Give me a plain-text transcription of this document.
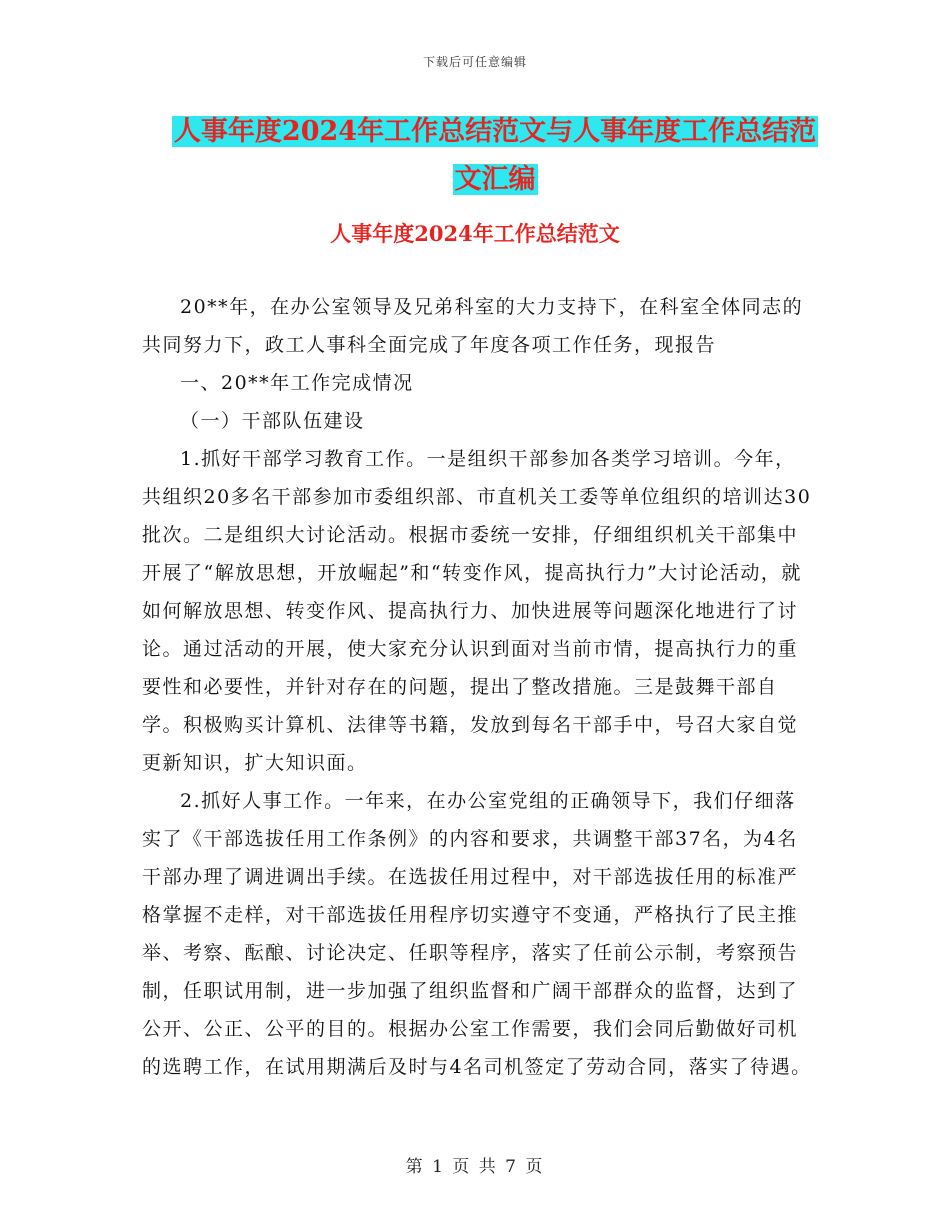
下载后可任意编辑
人事年度2024年工作总结范文与人事年度工作总结范
文汇编
人事年度2024年工作总结范文

20**年，在办公室领导及兄弟科室的大力支持下，在科室全体同志的共同努力下，政工人事科全面完成了年度各项工作任务，现报告

一、20**年工作完成情况

（一）干部队伍建设

1.抓好干部学习教育工作。一是组织干部参加各类学习培训。今年，共组织20多名干部参加市委组织部、市直机关工委等单位组织的培训达30批次。二是组织大讨论活动。根据市委统一安排，仔细组织机关干部集中开展了“解放思想，开放崛起”和“转变作风，提高执行力”大讨论活动，就如何解放思想、转变作风、提高执行力、加快进展等问题深化地进行了讨论。通过活动的开展，使大家充分认识到面对当前市情，提高执行力的重要性和必要性，并针对存在的问题，提出了整改措施。三是鼓舞干部自学。积极购买计算机、法律等书籍，发放到每名干部手中，号召大家自觉更新知识，扩大知识面。

2.抓好人事工作。一年来，在办公室党组的正确领导下，我们仔细落实了《干部选拔任用工作条例》的内容和要求，共调整干部37名，为4名干部办理了调进调出手续。在选拔任用过程中，对干部选拔任用的标准严格掌握不走样，对干部选拔任用程序切实遵守不变通，严格执行了民主推举、考察、酝酿、讨论决定、任职等程序，落实了任前公示制，考察预告制，任职试用制，进一步加强了组织监督和广阔干部群众的监督，达到了公开、公正、公平的目的。根据办公室工作需要，我们会同后勤做好司机的选聘工作，在试用期满后及时与4名司机签定了劳动合同，落实了待遇。

第 1 页 共 7 页
